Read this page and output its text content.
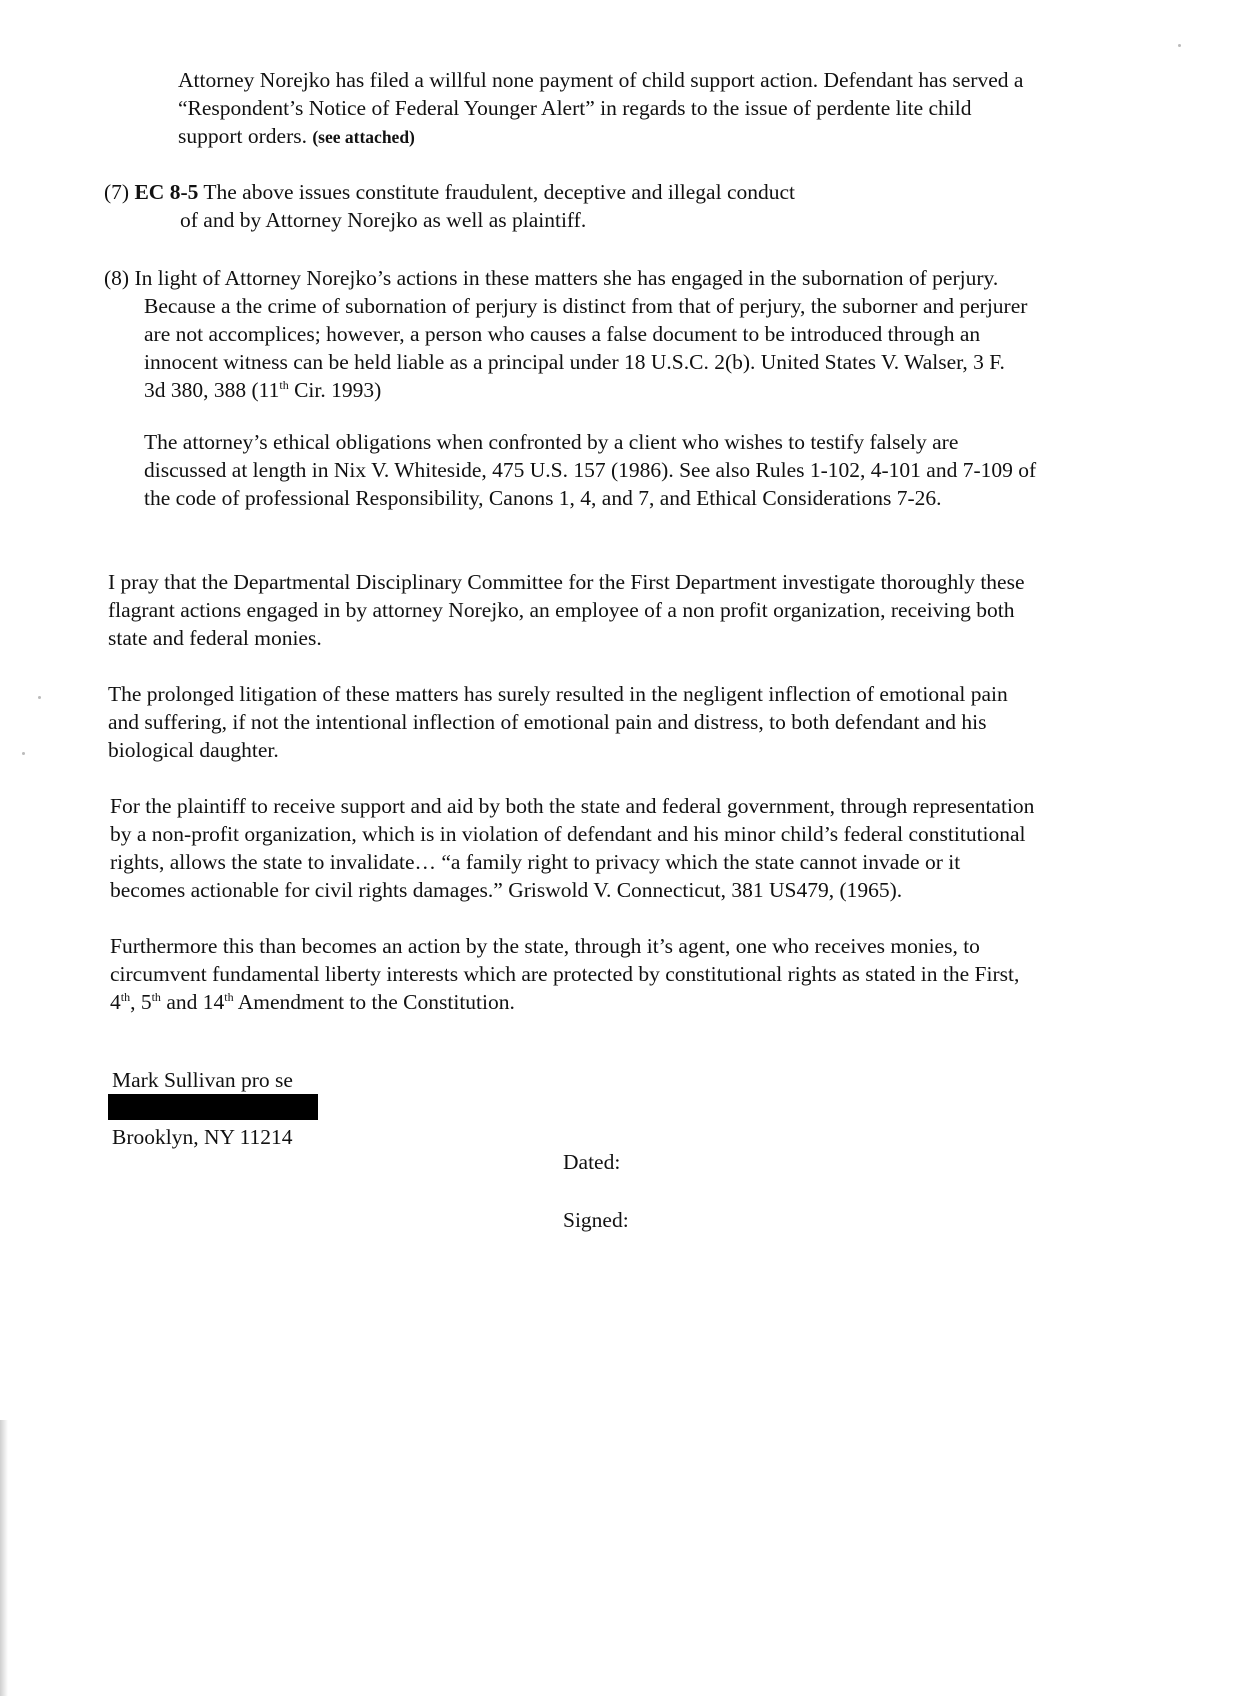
Attorney Norejko has filed a willful none payment of child support action. Defendant has served a

“Respondent’s Notice of Federal Younger Alert” in regards to the issue of perdente lite child

support orders. (see attached)

(7) EC 8-5 The above issues constitute fraudulent, deceptive and illegal conduct

of and by Attorney Norejko as well as plaintiff.

(8) In light of Attorney Norejko’s actions in these matters she has engaged in the subornation of perjury.

Because a the crime of subornation of perjury is distinct from that of perjury, the suborner and perjurer

are not accomplices; however, a person who causes a false document to be introduced through an

innocent witness can be held liable as a principal under 18 U.S.C. 2(b). United States V. Walser, 3 F.

3d 380, 388 (11th Cir. 1993)

The attorney’s ethical obligations when confronted by a client who wishes to testify falsely are

discussed at length in Nix V. Whiteside, 475 U.S. 157 (1986). See also Rules 1-102, 4-101 and 7-109 of

the code of professional Responsibility, Canons 1, 4, and 7, and Ethical Considerations 7-26.

I pray that the Departmental Disciplinary Committee for the First Department investigate thoroughly these

flagrant actions engaged in by attorney Norejko, an employee of a non profit organization, receiving both

state and federal monies.

The prolonged litigation of these matters has surely resulted in the negligent inflection of emotional pain

and suffering, if not the intentional inflection of emotional pain and distress, to both defendant and his

biological daughter.

For the plaintiff to receive support and aid by both the state and federal government, through representation

by a non-profit organization, which is in violation of defendant and his minor child’s federal constitutional

rights, allows the state to invalidate… “a family right to privacy which the state cannot invade or it

becomes actionable for civil rights damages.” Griswold V. Connecticut, 381 US479, (1965).

Furthermore this than becomes an action by the state, through it’s agent, one who receives monies, to

circumvent fundamental liberty interests which are protected by constitutional rights as stated in the First,

4th, 5th and 14th Amendment to the Constitution.

Mark Sullivan pro se
Brooklyn, NY 11214
Dated:
Signed:
